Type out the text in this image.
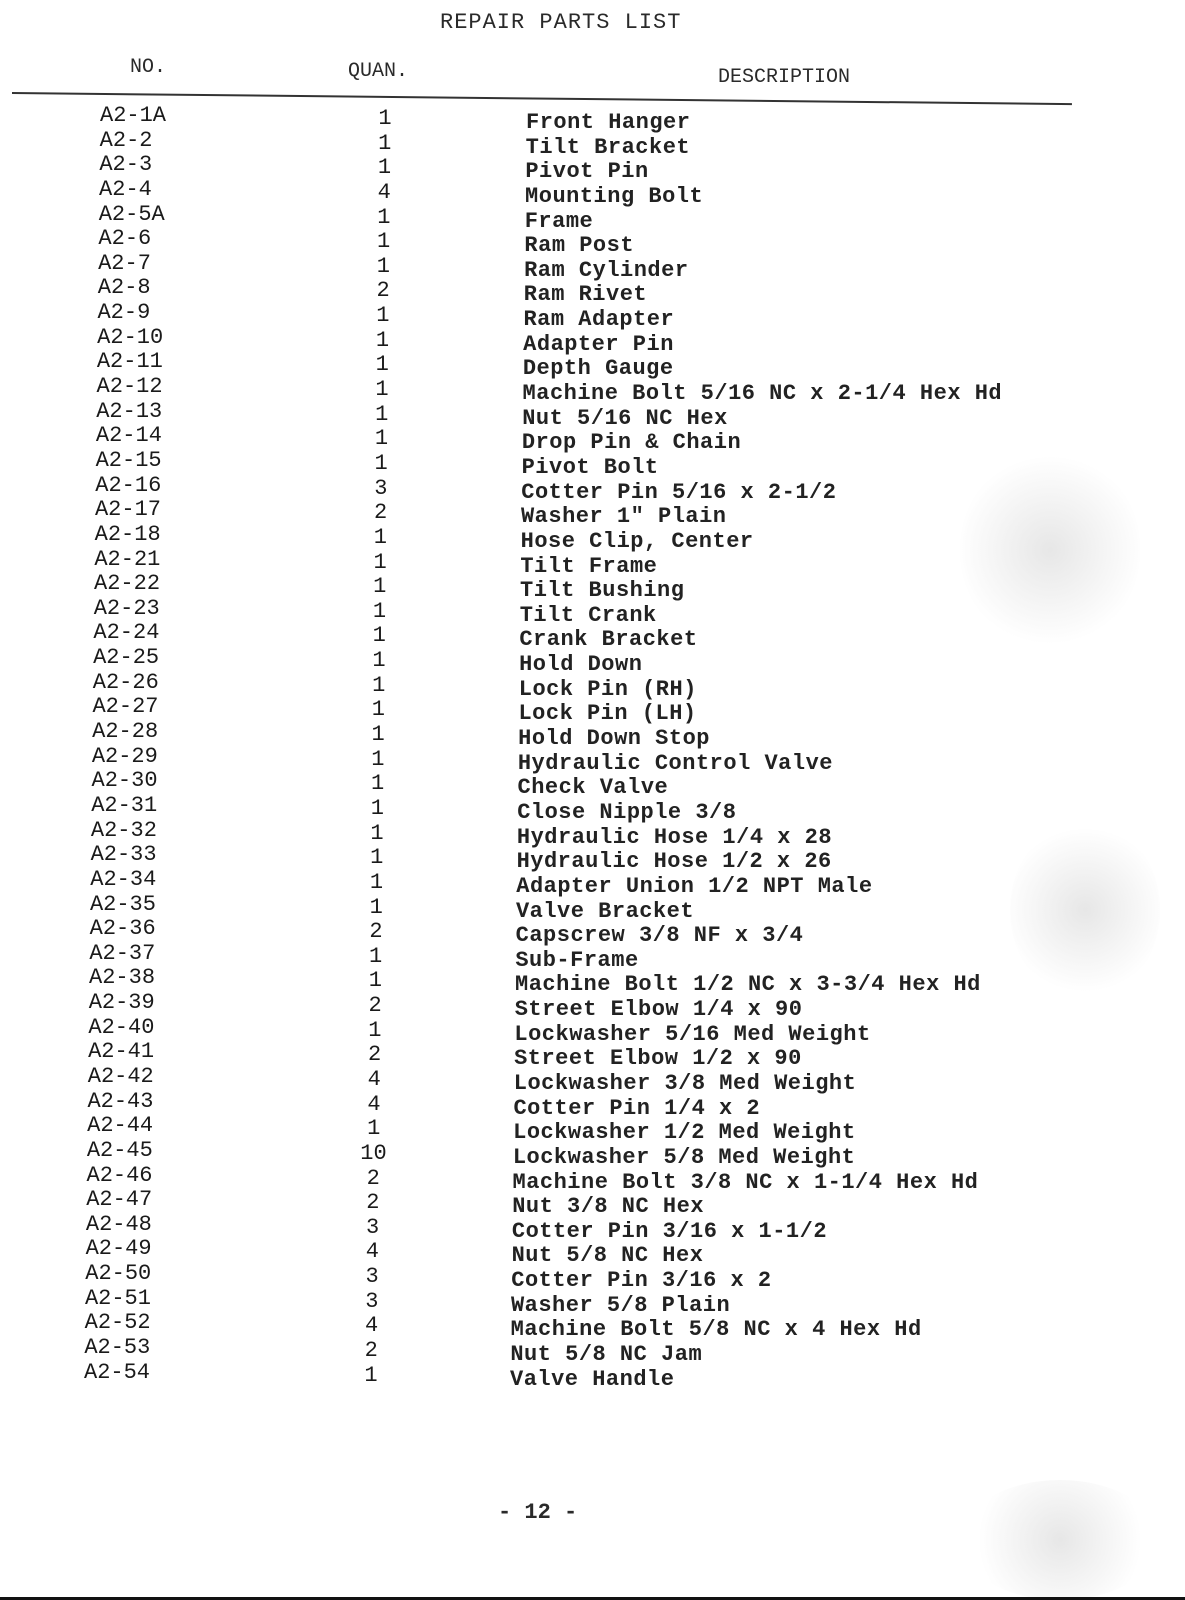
REPAIR PARTS LIST
NO.	QUAN.	DESCRIPTION
A2-1A	1	Front Hanger
A2-2	1	Tilt Bracket
A2-3	1	Pivot Pin
A2-4	4	Mounting Bolt
A2-5A	1	Frame
A2-6	1	Ram Post
A2-7	1	Ram Cylinder
A2-8	2	Ram Rivet
A2-9	1	Ram Adapter
A2-10	1	Adapter Pin
A2-11	1	Depth Gauge
A2-12	1	Machine Bolt 5/16 NC x 2-1/4 Hex Hd
A2-13	1	Nut 5/16 NC Hex
A2-14	1	Drop Pin & Chain
A2-15	1	Pivot Bolt
A2-16	3	Cotter Pin 5/16 x 2-1/2
A2-17	2	Washer 1" Plain
A2-18	1	Hose Clip, Center
A2-21	1	Tilt Frame
A2-22	1	Tilt Bushing
A2-23	1	Tilt Crank
A2-24	1	Crank Bracket
A2-25	1	Hold Down
A2-26	1	Lock Pin (RH)
A2-27	1	Lock Pin (LH)
A2-28	1	Hold Down Stop
A2-29	1	Hydraulic Control Valve
A2-30	1	Check Valve
A2-31	1	Close Nipple 3/8
A2-32	1	Hydraulic Hose 1/4 x 28
A2-33	1	Hydraulic Hose 1/2 x 26
A2-34	1	Adapter Union 1/2 NPT Male
A2-35	1	Valve Bracket
A2-36	2	Capscrew 3/8 NF x 3/4
A2-37	1	Sub-Frame
A2-38	1	Machine Bolt 1/2 NC x 3-3/4 Hex Hd
A2-39	2	Street Elbow 1/4 x 90
A2-40	1	Lockwasher 5/16 Med Weight
A2-41	2	Street Elbow 1/2 x 90
A2-42	4	Lockwasher 3/8 Med Weight
A2-43	4	Cotter Pin 1/4 x 2
A2-44	1	Lockwasher 1/2 Med Weight
A2-45	10	Lockwasher 5/8 Med Weight
A2-46	2	Machine Bolt 3/8 NC x 1-1/4 Hex Hd
A2-47	2	Nut 3/8 NC Hex
A2-48	3	Cotter Pin 3/16 x 1-1/2
A2-49	4	Nut 5/8 NC Hex
A2-50	3	Cotter Pin 3/16 x 2
A2-51	3	Washer 5/8 Plain
A2-52	4	Machine Bolt 5/8 NC x 4 Hex Hd
A2-53	2	Nut 5/8 NC Jam
A2-54	1	Valve Handle
- 12 -
